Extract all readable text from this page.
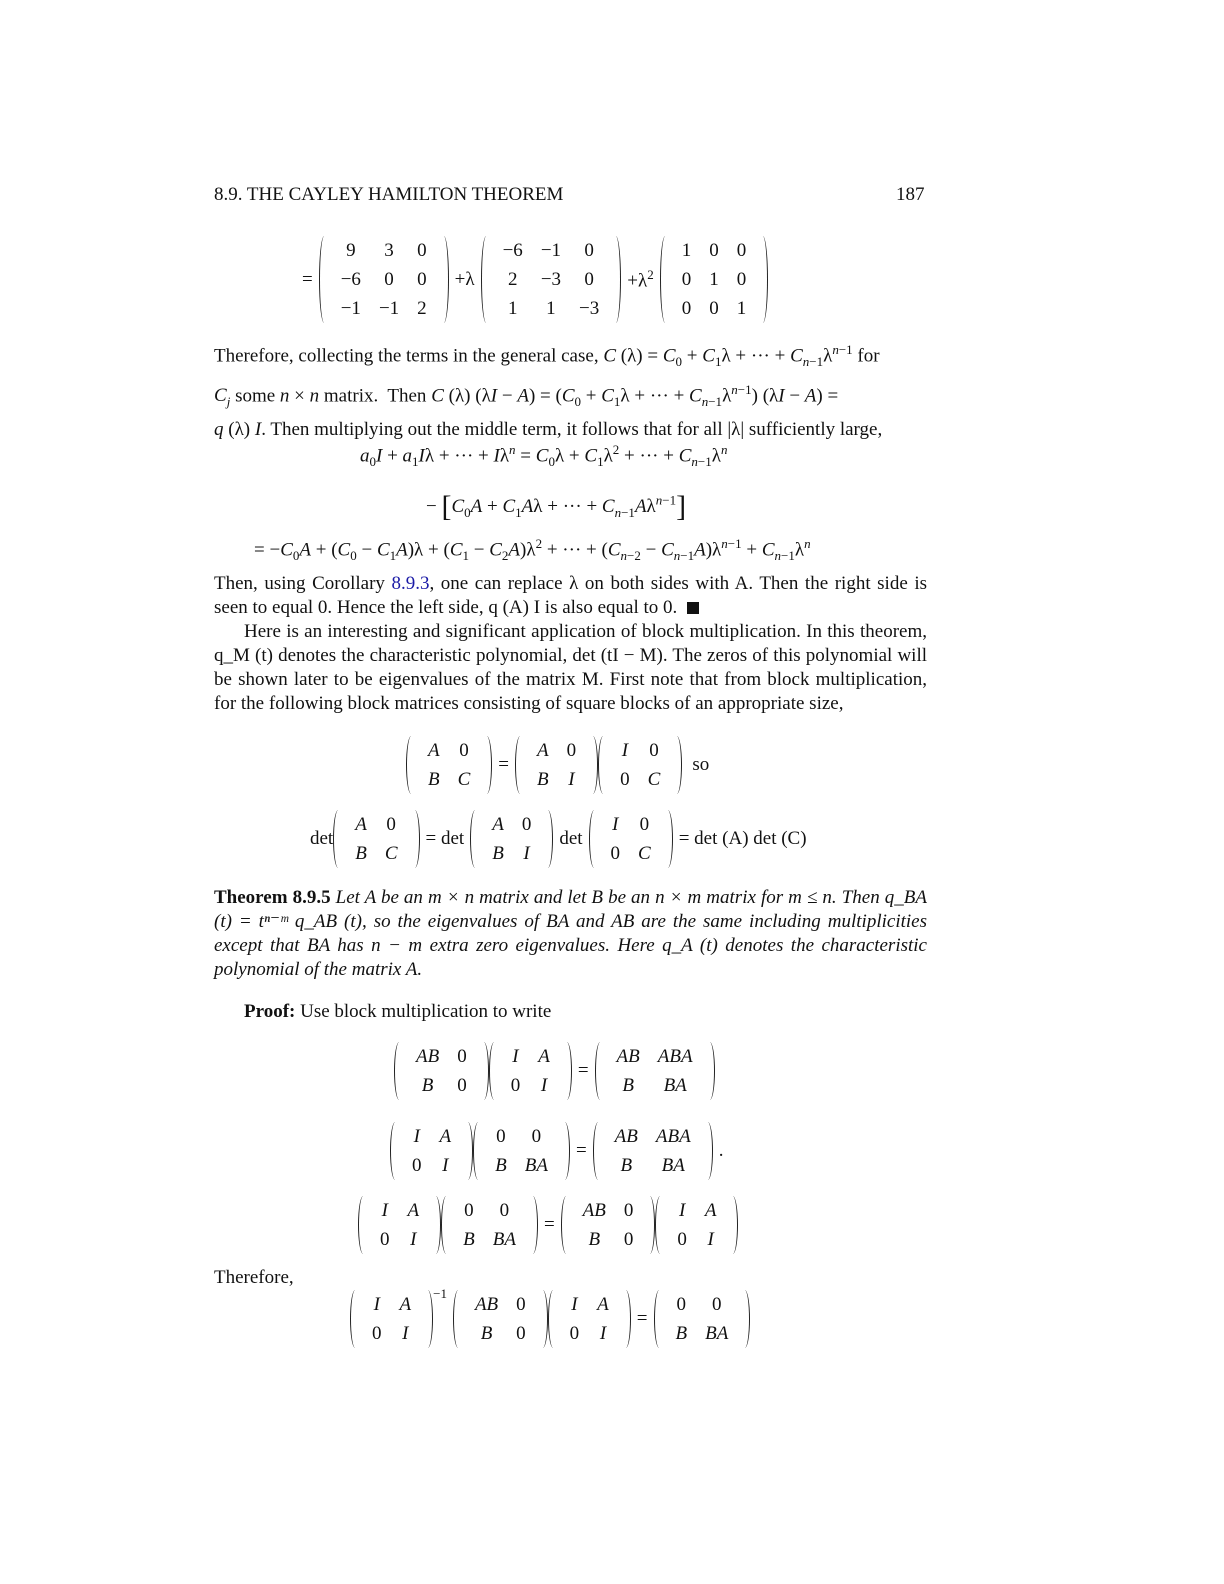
8.9. THE CAYLEY HAMILTON THEOREM	187
=
9	3	0
−6	0	0
−1	−1	2
+λ
−6	−1	0
2	−3	0
1	1	−3
$+\lambda^2$
1	0	0
0	1	0
0	0	1
Therefore, collecting the terms in the general case, C $(\lambda) = C_0 + C_1\lambda$ + ··· + $C_{n-1}\lambda^{n-1}$ for
$C_j$ some n × n matrix.  Then C (λ) $(\lambda I - A) = (C_0 + C_1\lambda$ + ··· + $C_{n-1}\lambda^{n-1}$) (λI − A) =
q (λ) I. Then multiplying out the middle term, it follows that for all |λ| sufficiently large,
$a_0I + a_1I\lambda$ + ··· + $I\lambda^n = C_0\lambda + C_1\lambda^2$ + ··· + $C_{n-1}\lambda^n$
− [$C_0A + C_1A\lambda$ + ··· + $C_{n-1}A\lambda^{n-1}$]
= $-C_0A + (C_0 - C_1A)\lambda + (C_1 - C_2A)\lambda^2$ + ··· + $(C_{n-2} - C_{n-1}A)\lambda^{n-1} + C_{n-1}\lambda^n$
Then, using Corollary 8.9.3, one can replace λ on both sides with A. Then the right side is seen to equal 0. Hence the left side, q (A) I is also equal to 0.
Here is an interesting and significant application of block multiplication. In this theorem, q_M (t) denotes the characteristic polynomial, det (tI − M). The zeros of this polynomial will be shown later to be eigenvalues of the matrix M. First note that from block multiplication, for the following block matrices consisting of square blocks of an appropriate size,
A	0
B	C
=
A	0
B	I
I	0
0	C
so
det
A	0
B	C
= det
A	0
B	I
det
I	0
0	C
= det (A) det (C)
Theorem 8.9.5 Let A be an m × n matrix and let B be an n × m matrix for m ≤ n. Then q_BA (t) = tⁿ⁻ᵐ q_AB (t), so the eigenvalues of BA and AB are the same including multiplicities except that BA has n − m extra zero eigenvalues. Here q_A (t) denotes the characteristic polynomial of the matrix A.
Proof: Use block multiplication to write
AB	0
B	0
I	A
0	I
=
AB	ABA
B	BA
I	A
0	I
0	0
B	BA
=
AB	ABA
B	BA
.
I	A
0	I
0	0
B	BA
=
AB	0
B	0
I	A
0	I
Therefore,
I	A
0	I
$^{-1}$
AB	0
B	0
I	A
0	I
=
0	0
B	BA
